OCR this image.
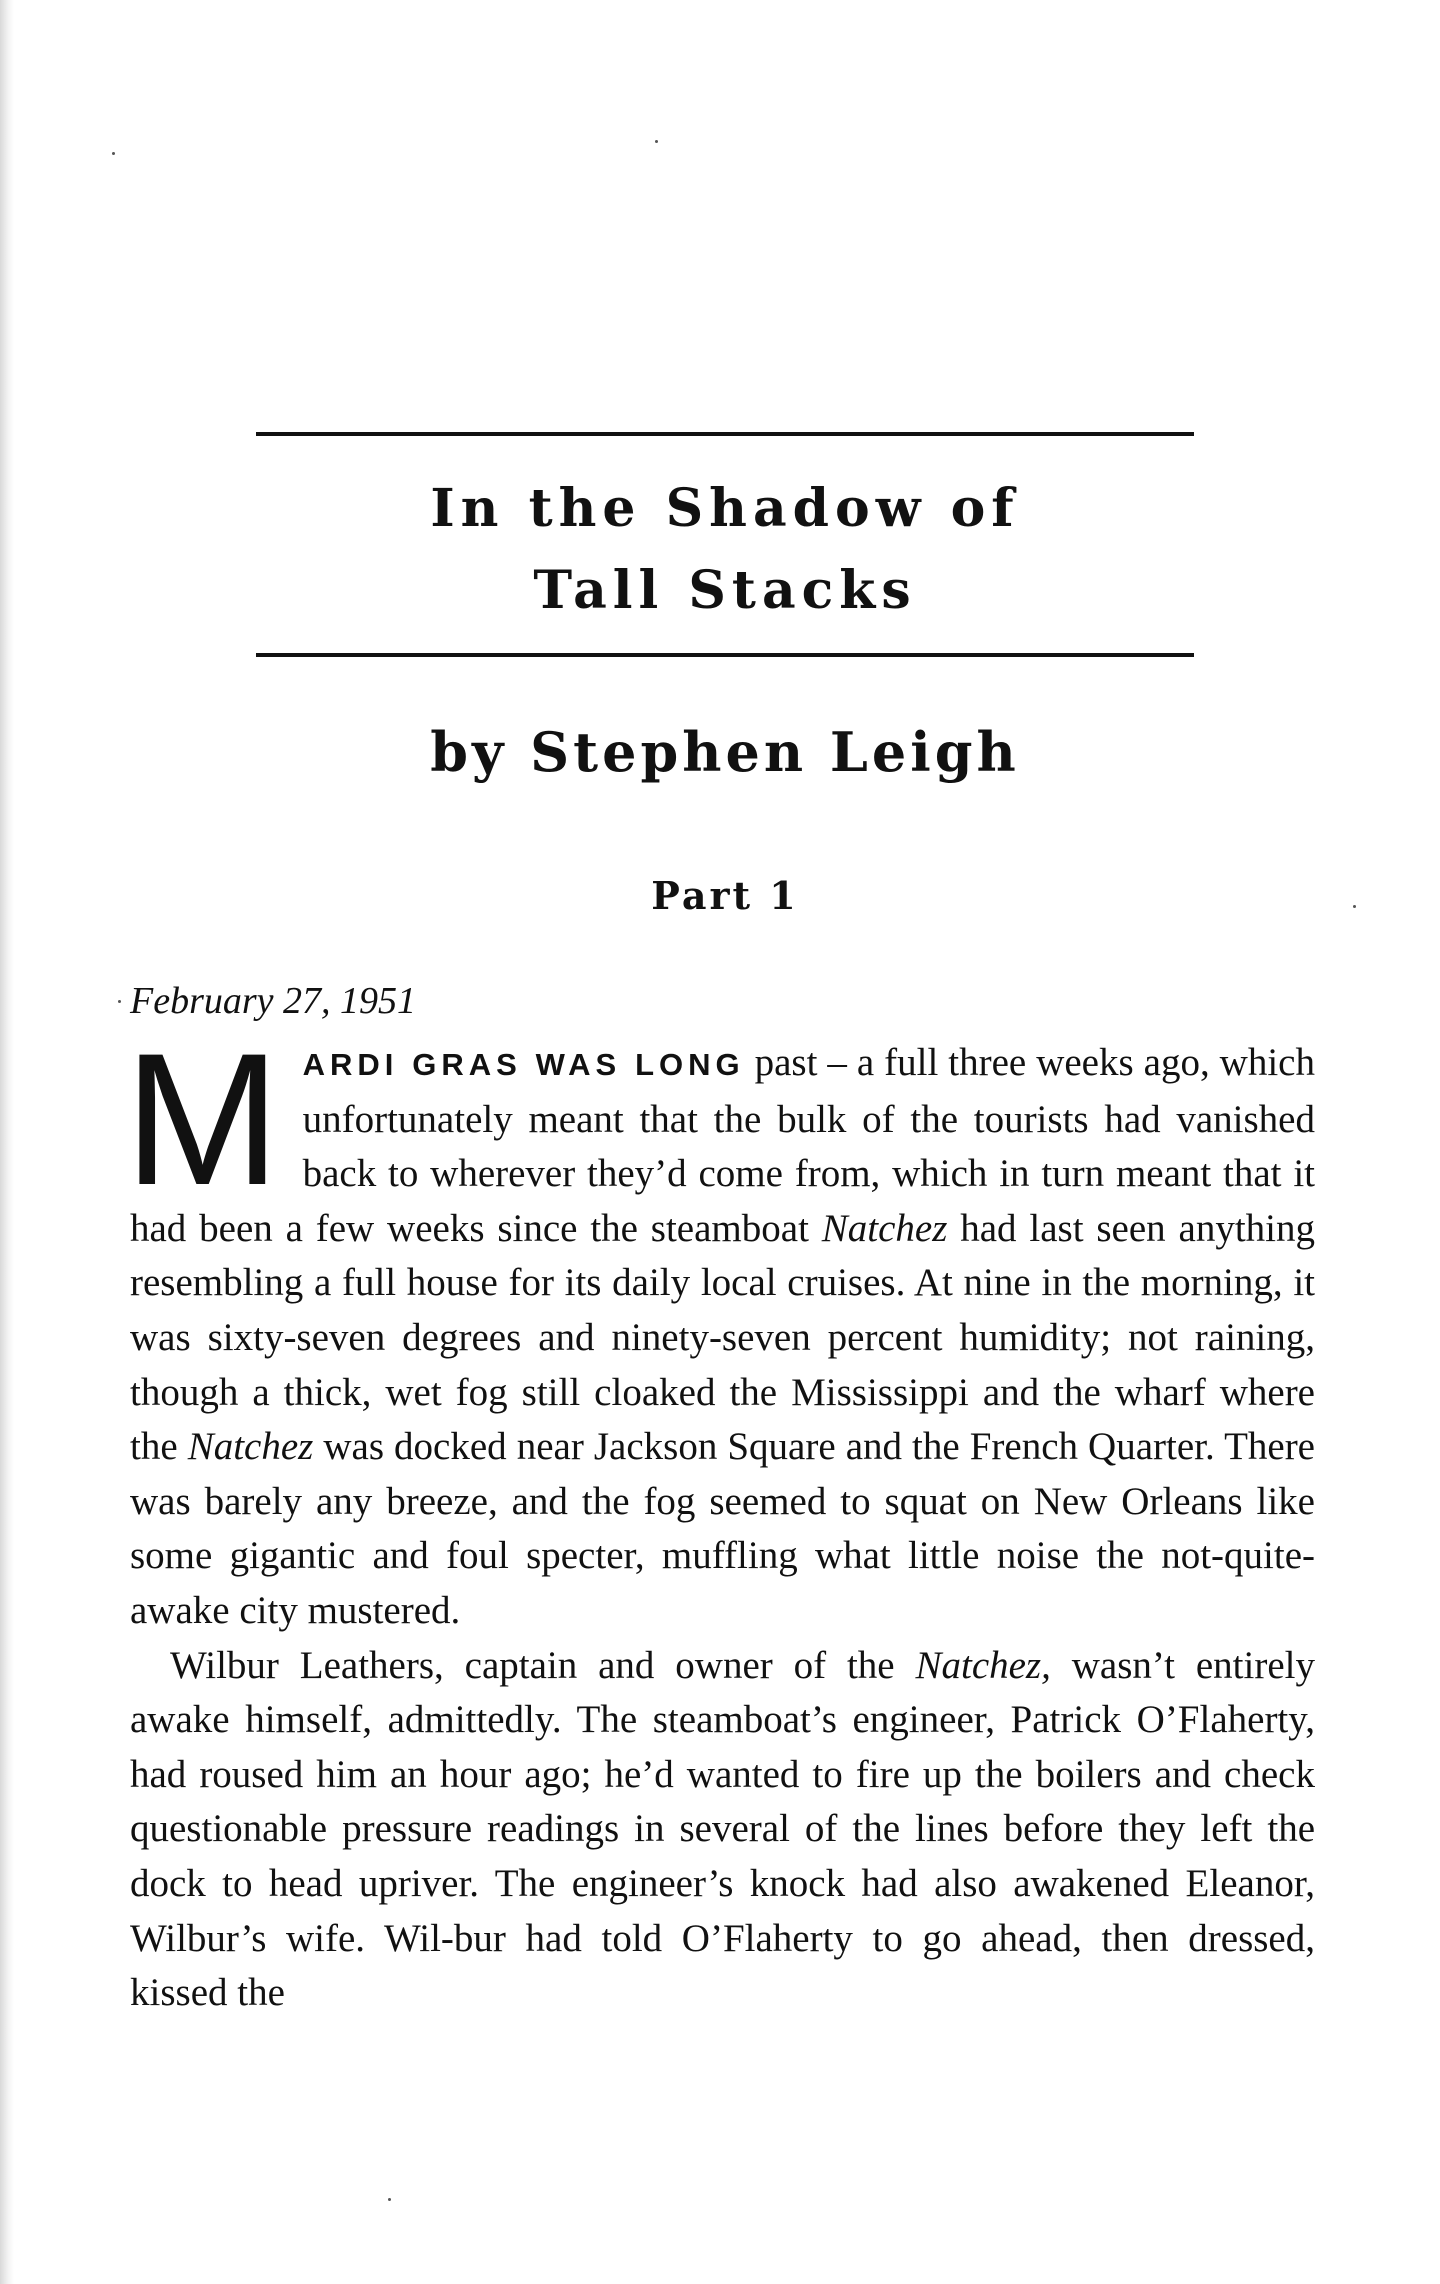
In the Shadow of
Tall Stacks
by Stephen Leigh
Part 1
February 27, 1951

MARDI GRAS WAS LONG past – a full three weeks ago, which unfortunately meant that the bulk of the tourists had vanished back to wherever they’d come from, which in turn meant that it had been a few weeks since the steamboat Natchez had last seen anything resembling a full house for its daily local cruises. At nine in the morning, it was sixty-seven degrees and ninety-seven percent humidity; not raining, though a thick, wet fog still cloaked the Mississippi and the wharf where the Natchez was docked near Jackson Square and the French Quarter. There was barely any breeze, and the fog seemed to squat on New Orleans like some gigantic and foul specter, muffling what little noise the not-quite-awake city mustered.

Wilbur Leathers, captain and owner of the Natchez, wasn’t entirely awake himself, admittedly. The steamboat’s engineer, Patrick O’Flaherty, had roused him an hour ago; he’d wanted to fire up the boilers and check questionable pressure readings in several of the lines before they left the dock to head upriver. The engineer’s knock had also awakened Eleanor, Wilbur’s wife. Wil-bur had told O’Flaherty to go ahead, then dressed, kissed the
